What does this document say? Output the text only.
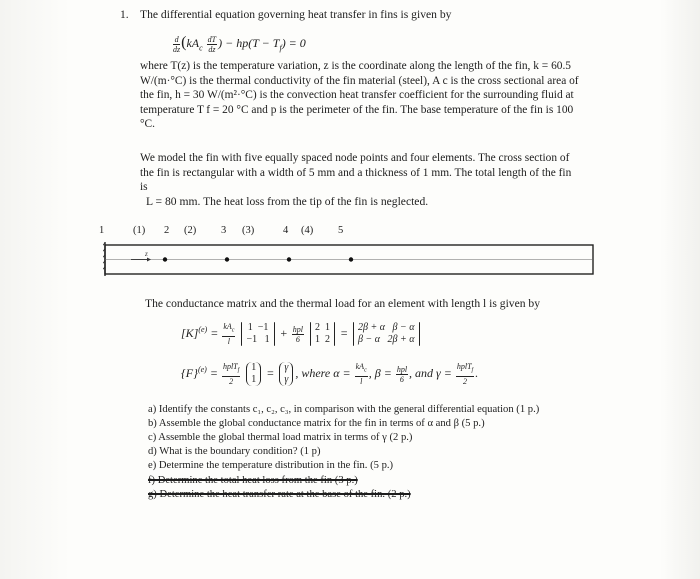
1. The differential equation governing heat transfer in fins is given by
$\frac{d}{dz} (kA_c \frac{dT}{dz}$ ) − $hp(T - T_f) = 0$
where T(z) is the temperature variation, z is the coordinate along the length of the fin, k = 60.5 W/(m·°C) is the thermal conductivity of the fin material (steel), A c is the cross sectional area of the fin, h = 30 W/(m²·°C) is the convection heat transfer coefficient for the surrounding fluid at temperature T f = 20 °C and p is the perimeter of the fin. The base temperature of the fin is 100 °C.
We model the fin with five equally spaced node points and four elements. The cross section of the fin is rectangular with a width of 5 mm and a thickness of 1 mm. The total length of the fin is
L = 80 mm. The heat loss from the tip of the fin is neglected.
1	(1) 2 (2) 3 (3)	4 (4) 5
z
The conductance matrix and the thermal load for an element with length l is given by
$[K]^{(e)} = \frac{kA_c}{l}$
1 −1
−1 $1 + \frac{\text{hpl}}{6}$
2 1
1 2 = 2β + α β − α
β − α 2β + α
$\{F\}^{(e)} = \frac{hplT_f}{2}$
1
1 = γ
γ , where $\alpha = \frac{kA_c}{l}$ , $\beta = \frac{\text{hpl}}{6}$ , and $\gamma = \frac{hplT_f}{2}$ .
a) Identify the constants c₁, c₂, c₃, in comparison with the general differential equation (1 p.)
b) Assemble the global conductance matrix for the fin in terms of α and β (5 p.)
c) Assemble the global thermal load matrix in terms of γ (2 p.)
d) What is the boundary condition? (1 p)
e) Determine the temperature distribution in the fin. (5 p.)
f) Determine the total heat loss from the fin (3 p.)
g) Determine the heat transfer rate at the base of the fin. (2 p.)
